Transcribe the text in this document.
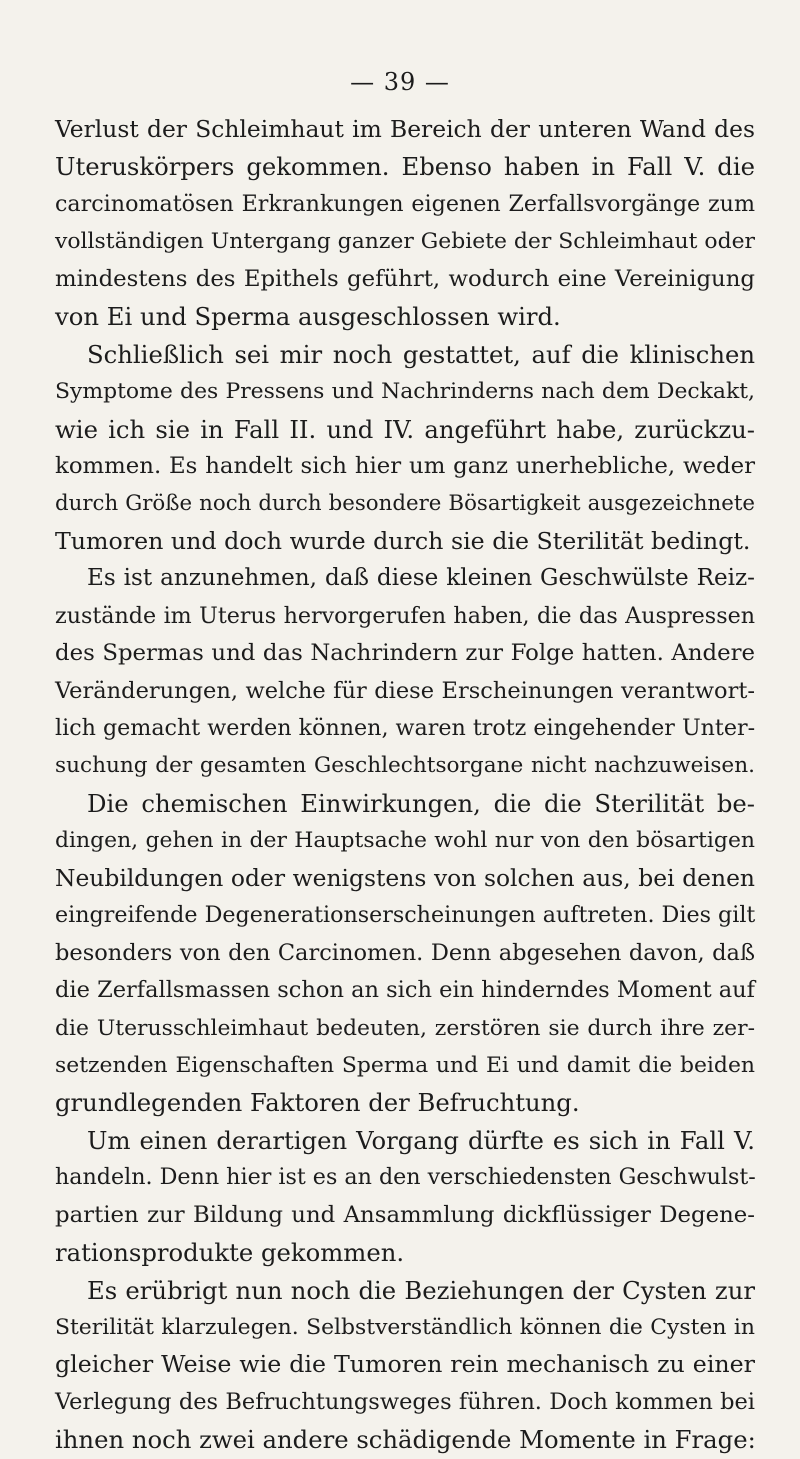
— 39 —
Verlust der Schleimhaut im Bereich der unteren Wand des
Uteruskörpers gekommen. Ebenso haben in Fall V. die
carcinomatösen Erkrankungen eigenen Zerfallsvorgänge zum
vollständigen Untergang ganzer Gebiete der Schleimhaut oder
mindestens des Epithels geführt, wodurch eine Vereinigung
von Ei und Sperma ausgeschlossen wird.
Schließlich sei mir noch gestattet, auf die klinischen
Symptome des Pressens und Nachrinderns nach dem Deckakt,
wie ich sie in Fall II. und IV. angeführt habe, zurückzu-
kommen. Es handelt sich hier um ganz unerhebliche, weder
durch Größe noch durch besondere Bösartigkeit ausgezeichnete
Tumoren und doch wurde durch sie die Sterilität bedingt.
Es ist anzunehmen, daß diese kleinen Geschwülste Reiz-
zustände im Uterus hervorgerufen haben, die das Auspressen
des Spermas und das Nachrindern zur Folge hatten. Andere
Veränderungen, welche für diese Erscheinungen verantwort-
lich gemacht werden können, waren trotz eingehender Unter-
suchung der gesamten Geschlechtsorgane nicht nachzuweisen.
Die chemischen Einwirkungen, die die Sterilität be-
dingen, gehen in der Hauptsache wohl nur von den bösartigen
Neubildungen oder wenigstens von solchen aus, bei denen
eingreifende Degenerationserscheinungen auftreten. Dies gilt
besonders von den Carcinomen. Denn abgesehen davon, daß
die Zerfallsmassen schon an sich ein hinderndes Moment auf
die Uterusschleimhaut bedeuten, zerstören sie durch ihre zer-
setzenden Eigenschaften Sperma und Ei und damit die beiden
grundlegenden Faktoren der Befruchtung.
Um einen derartigen Vorgang dürfte es sich in Fall V.
handeln. Denn hier ist es an den verschiedensten Geschwulst-
partien zur Bildung und Ansammlung dickflüssiger Degene-
rationsprodukte gekommen.
Es erübrigt nun noch die Beziehungen der Cysten zur
Sterilität klarzulegen. Selbstverständlich können die Cysten in
gleicher Weise wie die Tumoren rein mechanisch zu einer
Verlegung des Befruchtungsweges führen. Doch kommen bei
ihnen noch zwei andere schädigende Momente in Frage:
